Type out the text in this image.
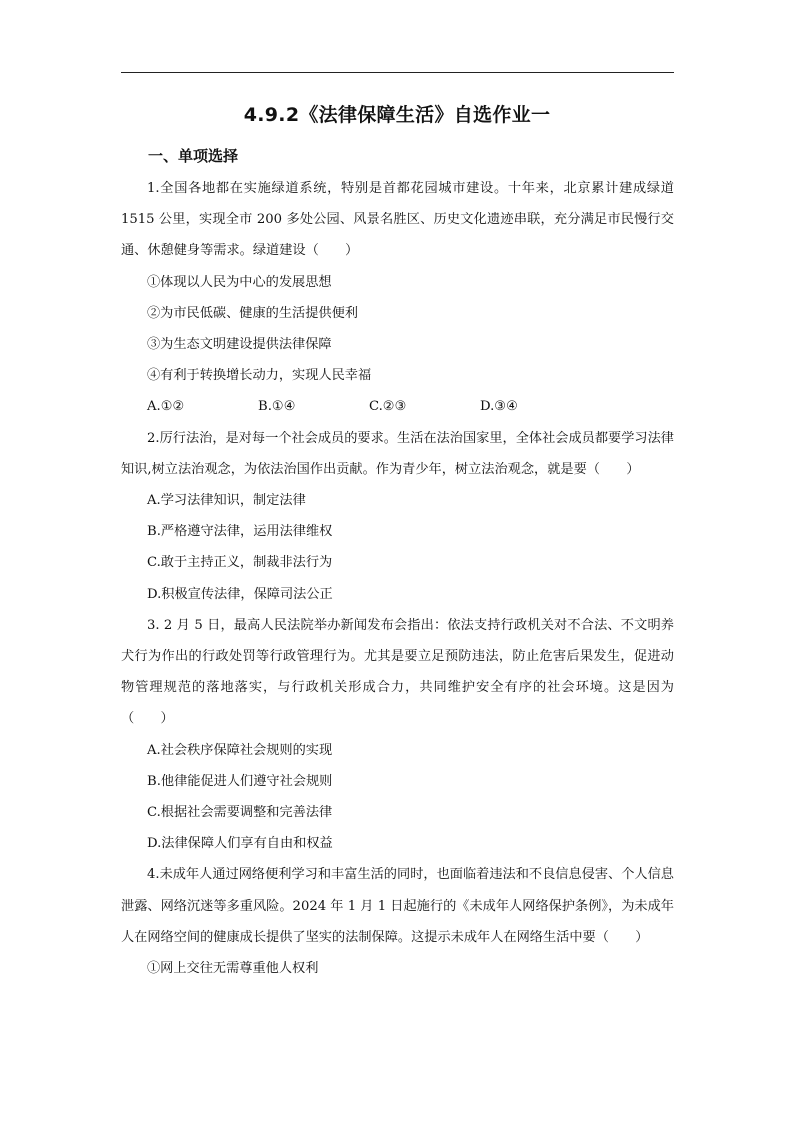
4.9.2《法律保障生活》自选作业一
一、单项选择

1.全国各地都在实施绿道系统，特别是首都花园城市建设。十年来，北京累计建成绿道 1515 公里，实现全市 200 多处公园、风景名胜区、历史文化遗迹串联，充分满足市民慢行交通、休憩健身等需求。绿道建设（　　）

①体现以人民为中心的发展思想

②为市民低碳、健康的生活提供便利

③为生态文明建设提供法律保障

④有利于转换增长动力，实现人民幸福

A.①②	B.①④	C.②③	D.③④

2.厉行法治，是对每一个社会成员的要求。生活在法治国家里，全体社会成员都要学习法律知识,树立法治观念，为依法治国作出贡献。作为青少年，树立法治观念，就是要（　　）

A.学习法律知识，制定法律

B.严格遵守法律，运用法律维权

C.敢于主持正义，制裁非法行为

D.积极宣传法律，保障司法公正

3. 2 月 5 日，最高人民法院举办新闻发布会指出：依法支持行政机关对不合法、不文明养犬行为作出的行政处罚等行政管理行为。尤其是要立足预防违法，防止危害后果发生，促进动物管理规范的落地落实，与行政机关形成合力，共同维护安全有序的社会环境。这是因为（　　）

A.社会秩序保障社会规则的实现

B.他律能促进人们遵守社会规则

C.根据社会需要调整和完善法律

D.法律保障人们享有自由和权益

4.未成年人通过网络便利学习和丰富生活的同时，也面临着违法和不良信息侵害、个人信息泄露、网络沉迷等多重风险。2024 年 1 月 1 日起施行的《未成年人网络保护条例》，为未成年人在网络空间的健康成长提供了坚实的法制保障。这提示未成年人在网络生活中要（　　）

①网上交往无需尊重他人权利
